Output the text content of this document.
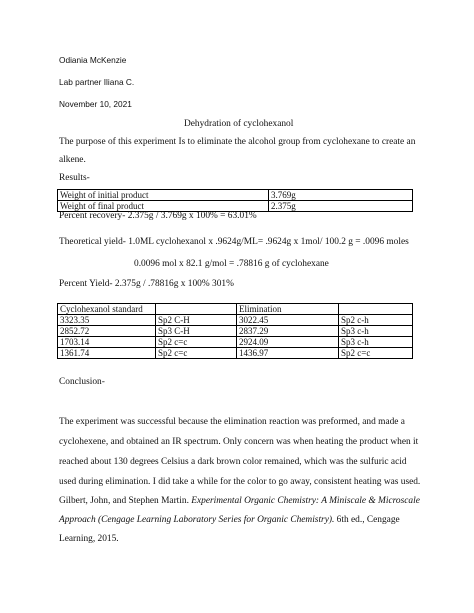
Odiania McKenzie
Lab partner Iliana C.
November 10, 2021
Dehydration of cyclohexanol
The purpose of this experiment Is to eliminate the alcohol group from cyclohexane to create an
alkene.
Results-
Weight of initial product	3.769g
Weight of final product	2.375g
Percent recovery- 2.375g / 3.769g x 100% = 63.01%
Theoretical yield- 1.0ML cyclohexanol x .9624g/ML= .9624g x 1mol/ 100.2 g = .0096 moles
0.0096 mol x 82.1 g/mol = .78816 g of cyclohexane
Percent Yield- 2.375g / .78816g x 100% 301%
Cyclohexanol standard		Elimination	
3323.35	Sp2 C-H	3022.45	Sp2 c-h
2852.72	Sp3 C-H	2837.29	Sp3 c-h
1703.14	Sp2 c=c	2924.09	Sp3 c-h
1361.74	Sp2 c=c	1436.97	Sp2 c=c
Conclusion-
The experiment was successful because the elimination reaction was preformed, and made a
cyclohexene, and obtained an IR spectrum. Only concern was when heating the product when it
reached about 130 degrees Celsius a dark brown color remained, which was the sulfuric acid
used during elimination. I did take a while for the color to go away, consistent heating was used.
Gilbert, John, and Stephen Martin. Experimental Organic Chemistry: A Miniscale & Microscale
Approach (Cengage Learning Laboratory Series for Organic Chemistry). 6th ed., Cengage
Learning, 2015.
